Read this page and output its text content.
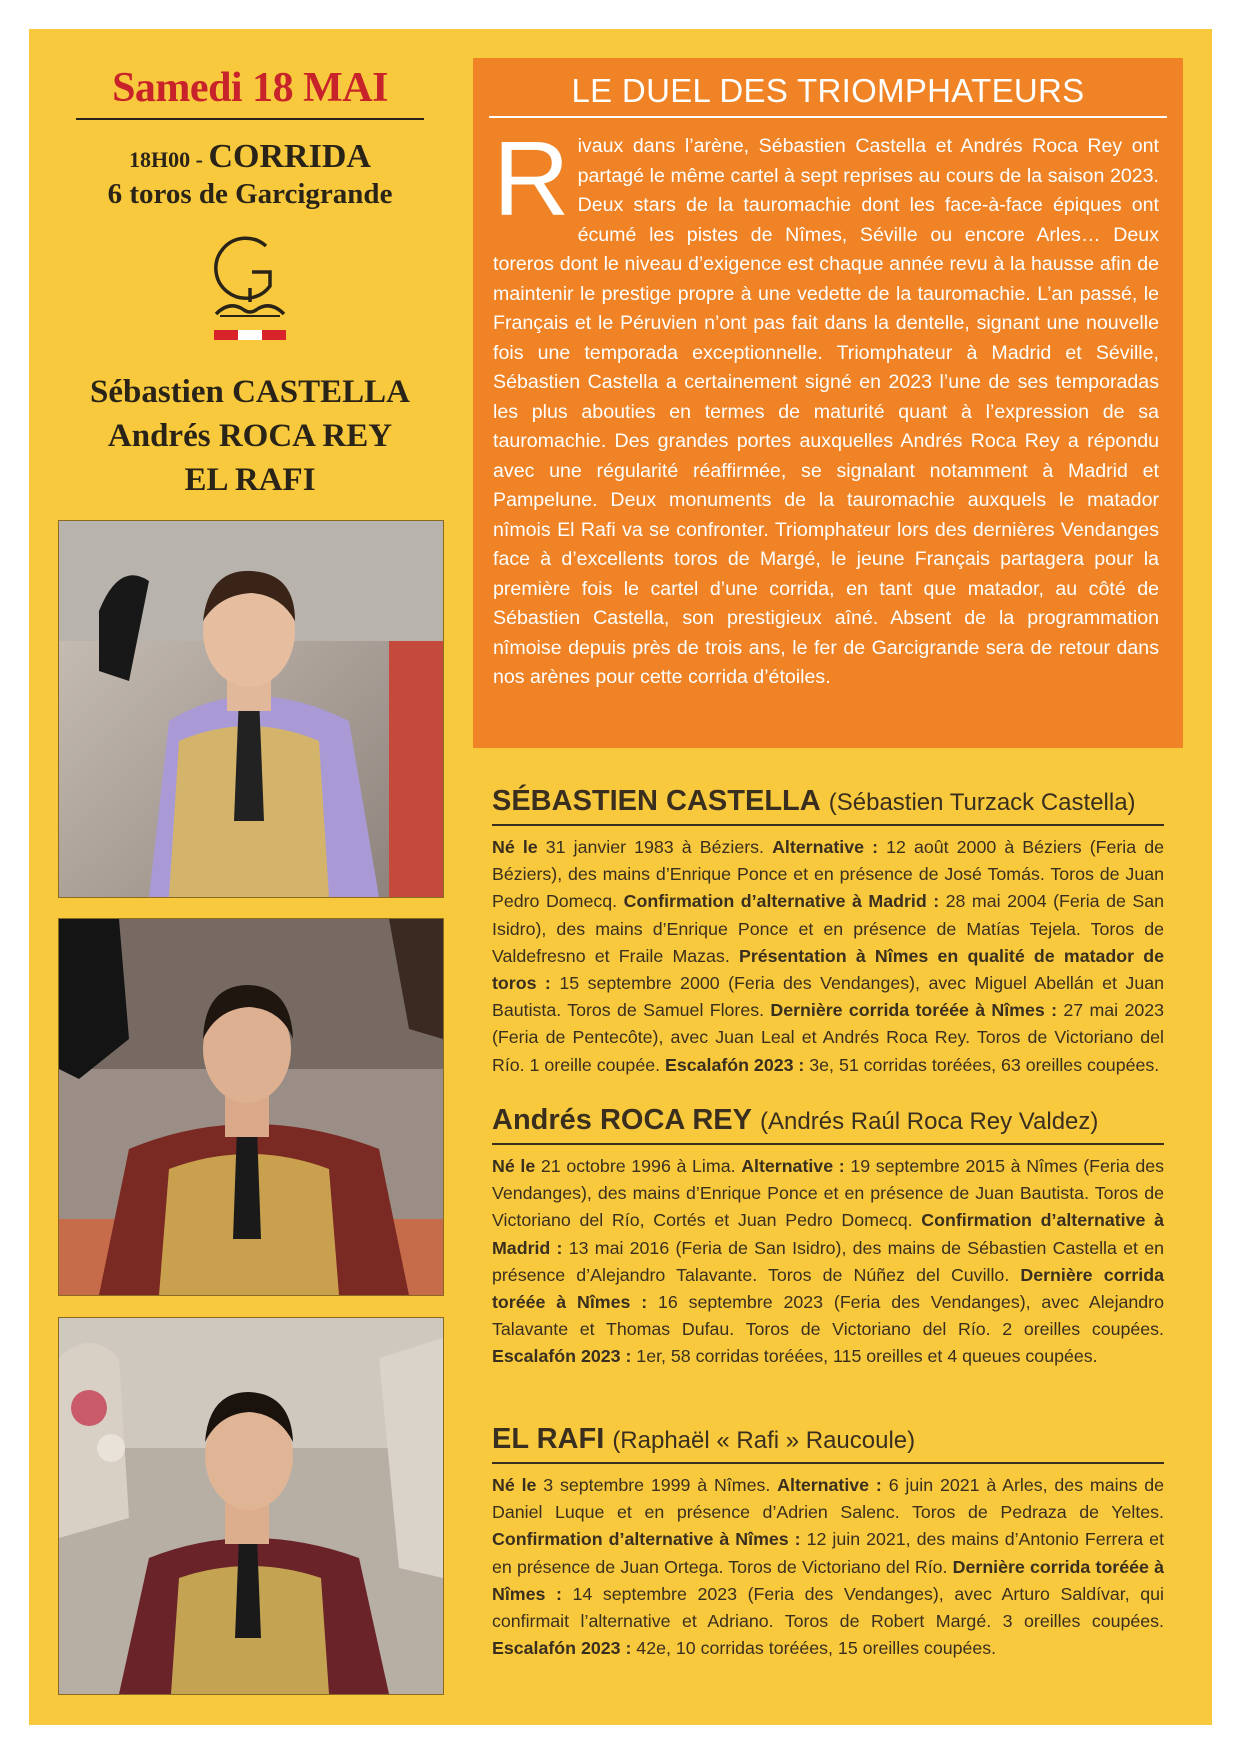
Samedi 18 MAI
18H00 - CORRIDA
6 toros de Garcigrande
Sébastien CASTELLA
Andrés ROCA REY
EL RAFI
LE DUEL DES TRIOMPHATEURS
Rivaux dans l’arène, Sébastien Castella et Andrés Roca Rey ont partagé le même cartel à sept reprises au cours de la saison 2023. Deux stars de la tauromachie dont les face-à-face épiques ont écumé les pistes de Nîmes, Séville ou encore Arles… Deux toreros dont le niveau d’exigence est chaque année revu à la hausse afin de maintenir le prestige propre à une vedette de la tauromachie. L’an passé, le Français et le Péruvien n’ont pas fait dans la dentelle, signant une nouvelle fois une temporada exceptionnelle. Triomphateur à Madrid et Séville, Sébastien Castella a certainement signé en 2023 l’une de ses temporadas les plus abouties en termes de maturité quant à l’expression de sa tauromachie. Des grandes portes auxquelles Andrés Roca Rey a répondu avec une régularité réaffirmée, se signalant notamment à Madrid et Pampelune. Deux monuments de la tauromachie auxquels le matador nîmois El Rafi va se confronter. Triomphateur lors des dernières Vendanges face à d’excellents toros de Margé, le jeune Français partagera pour la première fois le cartel d’une corrida, en tant que matador, au côté de Sébastien Castella, son prestigieux aîné. Absent de la programmation nîmoise depuis près de trois ans, le fer de Garcigrande sera de retour dans nos arènes pour cette corrida d’étoiles.
SÉBASTIEN CASTELLA (Sébastien Turzack Castella)
Né le 31 janvier 1983 à Béziers. Alternative : 12 août 2000 à Béziers (Feria de Béziers), des mains d’Enrique Ponce et en présence de José Tomás. Toros de Juan Pedro Domecq. Confirmation d’alternative à Madrid : 28 mai 2004 (Feria de San Isidro), des mains d’Enrique Ponce et en présence de Matías Tejela. Toros de Valdefresno et Fraile Mazas. Présentation à Nîmes en qualité de matador de toros : 15 septembre 2000 (Feria des Vendanges), avec Miguel Abellán et Juan Bautista. Toros de Samuel Flores. Dernière corrida toréée à Nîmes : 27 mai 2023 (Feria de Pentecôte), avec Juan Leal et Andrés Roca Rey. Toros de Victoriano del Río. 1 oreille coupée. Escalafón 2023 : 3e, 51 corridas toréées, 63 oreilles coupées.
Andrés ROCA REY (Andrés Raúl Roca Rey Valdez)
Né le 21 octobre 1996 à Lima. Alternative : 19 septembre 2015 à Nîmes (Feria des Vendanges), des mains d’Enrique Ponce et en présence de Juan Bautista. Toros de Victoriano del Río, Cortés et Juan Pedro Domecq. Confirmation d’alternative à Madrid : 13 mai 2016 (Feria de San Isidro), des mains de Sébastien Castella et en présence d’Alejandro Talavante. Toros de Núñez del Cuvillo. Dernière corrida toréée à Nîmes : 16 septembre 2023 (Feria des Vendanges), avec Alejandro Talavante et Thomas Dufau. Toros de Victoriano del Río. 2 oreilles coupées. Escalafón 2023 : 1er, 58 corridas toréées, 115 oreilles et 4 queues coupées.
EL RAFI (Raphaël « Rafi » Raucoule)
Né le 3 septembre 1999 à Nîmes. Alternative : 6 juin 2021 à Arles, des mains de Daniel Luque et en présence d’Adrien Salenc. Toros de Pedraza de Yeltes. Confirmation d’alternative à Nîmes : 12 juin 2021, des mains d’Antonio Ferrera et en présence de Juan Ortega. Toros de Victoriano del Río. Dernière corrida toréée à Nîmes : 14 septembre 2023 (Feria des Vendanges), avec Arturo Saldívar, qui confirmait l’alternative et Adriano. Toros de Robert Margé. 3 oreilles coupées. Escalafón 2023 : 42e, 10 corridas toréées, 15 oreilles coupées.
